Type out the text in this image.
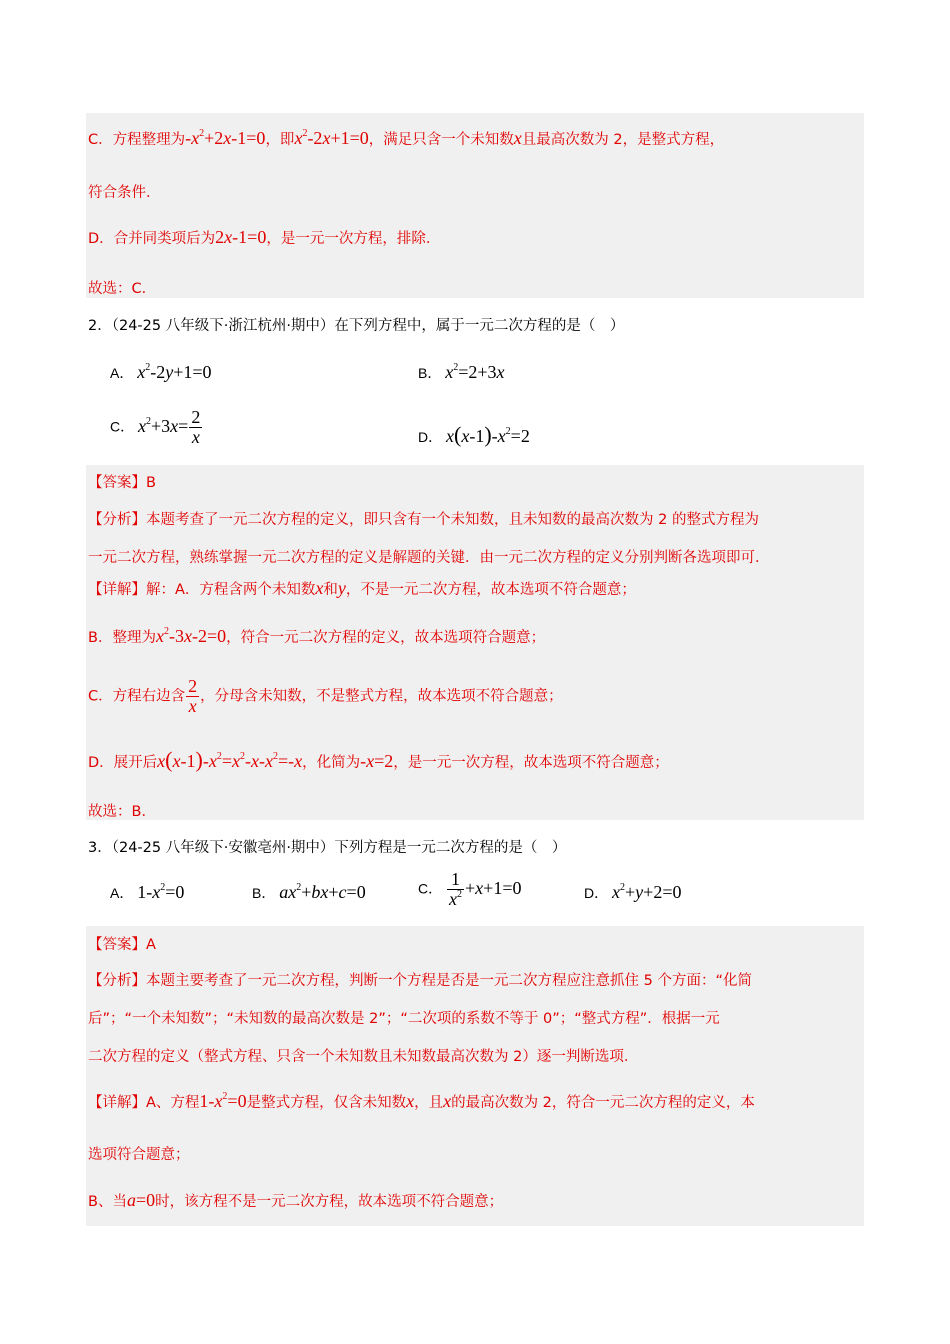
C．方程整理为$-x^2+2x-1=0$，即$x^2-2x+1=0$，满足只含一个未知数x且最高次数为 2，是整式方程，
符合条件．
D．合并同类项后为2x-1=0，是一元一次方程，排除．
故选：C．
2．（24-25 八年级下·浙江杭州·期中）在下列方程中，属于一元二次方程的是（　）
A． $x^2-2y+1=0$	B． $x^2=2+3x$
C． $x^2+3x= \frac{2}{x}$	D． $x(x-1)-x^2=2$
【答案】B
【分析】本题考查了一元二次方程的定义，即只含有一个未知数，且未知数的最高次数为 2 的整式方程为
一元二次方程，熟练掌握一元二次方程的定义是解题的关键．由一元二次方程的定义分别判断各选项即可．
【详解】解：A．方程含两个未知数x和y，不是一元二次方程，故本选项不符合题意；
B．整理为$x^2-3x-2=0$，符合一元二次方程的定义，故本选项符合题意；
C．方程右边含 $\frac{2}{x}$ ，分母含未知数，不是整式方程，故本选项不符合题意；
D．展开后$x(x-1)-x^2=x^2-x-x^2=-x$，化简为-x=2，是一元一次方程，故本选项不符合题意；
故选：B．
3．（24-25 八年级下·安徽亳州·期中）下列方程是一元二次方程的是（　）
A． $1-x^2=0$	B． $ax^2+bx+c=0$	C． $\frac{1}{x^2} +x+1=0$	D． $x^2+y+2=0$
【答案】A
【分析】本题主要考查了一元二次方程，判断一个方程是否是一元二次方程应注意抓住 5 个方面：“化简
后”；“一个未知数”；“未知数的最高次数是 2”；“二次项的系数不等于 0”；“整式方程”．根据一元
二次方程的定义（整式方程、只含一个未知数且未知数最高次数为 2）逐一判断选项．
【详解】A、方程$1-x^2=0$是整式方程，仅含未知数x，且x的最高次数为 2，符合一元二次方程的定义，本
选项符合题意；
B、当a=0时，该方程不是一元二次方程，故本选项不符合题意；
